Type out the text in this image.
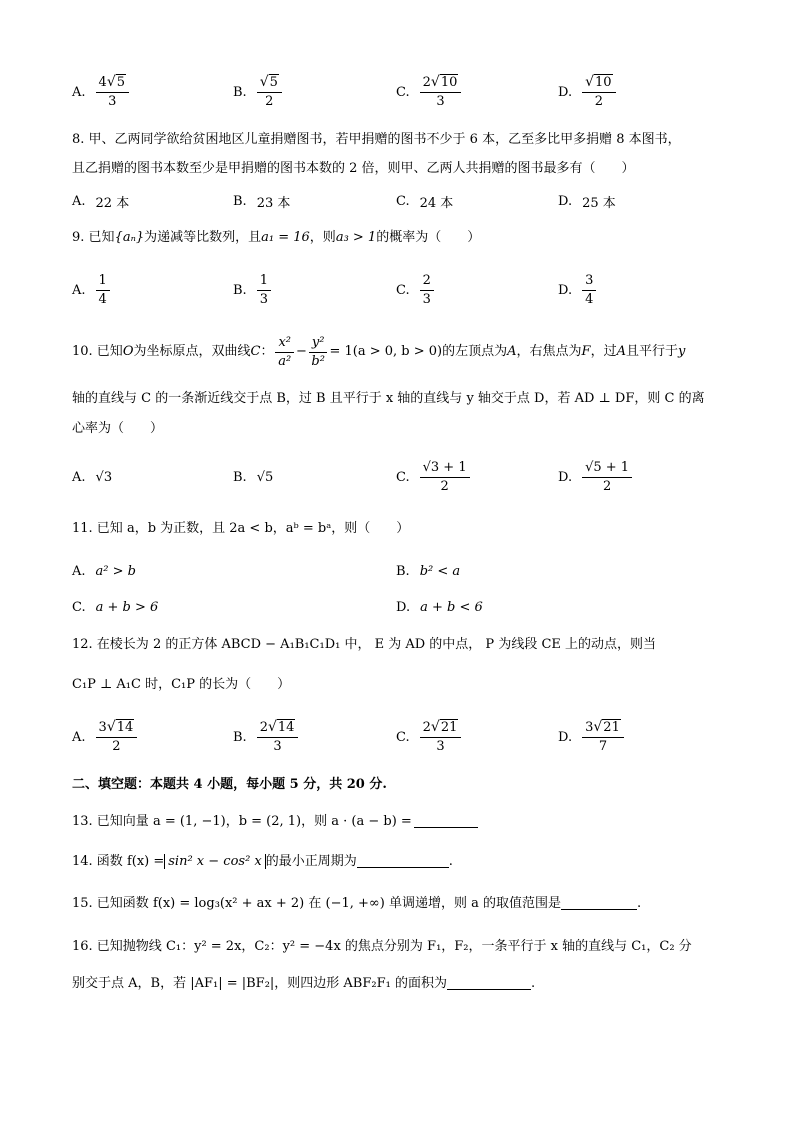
A. $\frac{4 √ 5}{3}$	B. $\frac{√ 5}{2}$	C. $\frac{2 √ 10}{3}$	D. $\frac{√ 10}{2}$
8. 甲、乙两同学欲给贫困地区儿童捐赠图书，若甲捐赠的图书不少于 6 本，乙至多比甲多捐赠 8 本图书，
且乙捐赠的图书本数至少是甲捐赠的图书本数的 2 倍，则甲、乙两人共捐赠的图书最多有（　　）
A. 22 本	B. 23 本	C. 24 本	D. 25 本
9. 已知{aₙ}为递减等比数列，且a₁ = 16，则a₃ > 1的概率为（　　）
A. $\frac{1}{4}$	B. $\frac{1}{3}$	C. $\frac{2}{3}$	D. $\frac{3}{4}$
10. 已知 O 为坐标原点，双曲线 C ： $\frac{\text{x²}}{\text{a²}} - \frac{\text{y²}}{\text{b²}} = 1(a > 0$, b > 0) 的左顶点为 A ，右焦点为 F ，过 A 且平行于 y
轴的直线与 C 的一条渐近线交于点 B，过 B 且平行于 x 轴的直线与 y 轴交于点 D，若 AD ⊥ DF，则 C 的离
心率为（　　）
A. √3	B. √5	C. $\frac{√3 + 1}{2}$	D. $\frac{√5 + 1}{2}$
11. 已知 a，b 为正数，且 2a < b，aᵇ = bᵃ，则（　　）
A. a² > b	B. b² < a
C. a + b > 6	D. a + b < 6
12. 在棱长为 2 的正方体 ABCD − A₁B₁C₁D₁ 中， E 为 AD 的中点， P 为线段 CE 上的动点，则当
C₁P ⊥ A₁C 时，C₁P 的长为（　　）
A. $\frac{3 √ 14}{2}$	B. $\frac{2 √ 14}{3}$	C. $\frac{2 √ 21}{3}$	D. $\frac{3 √ 21}{7}$
二、填空题：本题共 4 小题，每小题 5 分，共 20 分.
13. 已知向量 a = (1, −1)，b = (2, 1)，则 a · (a − b) =
14. 函数 f(x) = sin² x − cos² x 的最小正周期为	.
15. 已知函数 f(x) = log₃(x² + ax + 2) 在 (−1, +∞) 单调递增，则 a 的取值范围是	.
16. 已知抛物线 C₁：y² = 2x，C₂：y² = −4x 的焦点分别为 F₁，F₂，一条平行于 x 轴的直线与 C₁，C₂ 分
别交于点 A，B，若 |AF₁| = |BF₂|，则四边形 ABF₂F₁ 的面积为	.
